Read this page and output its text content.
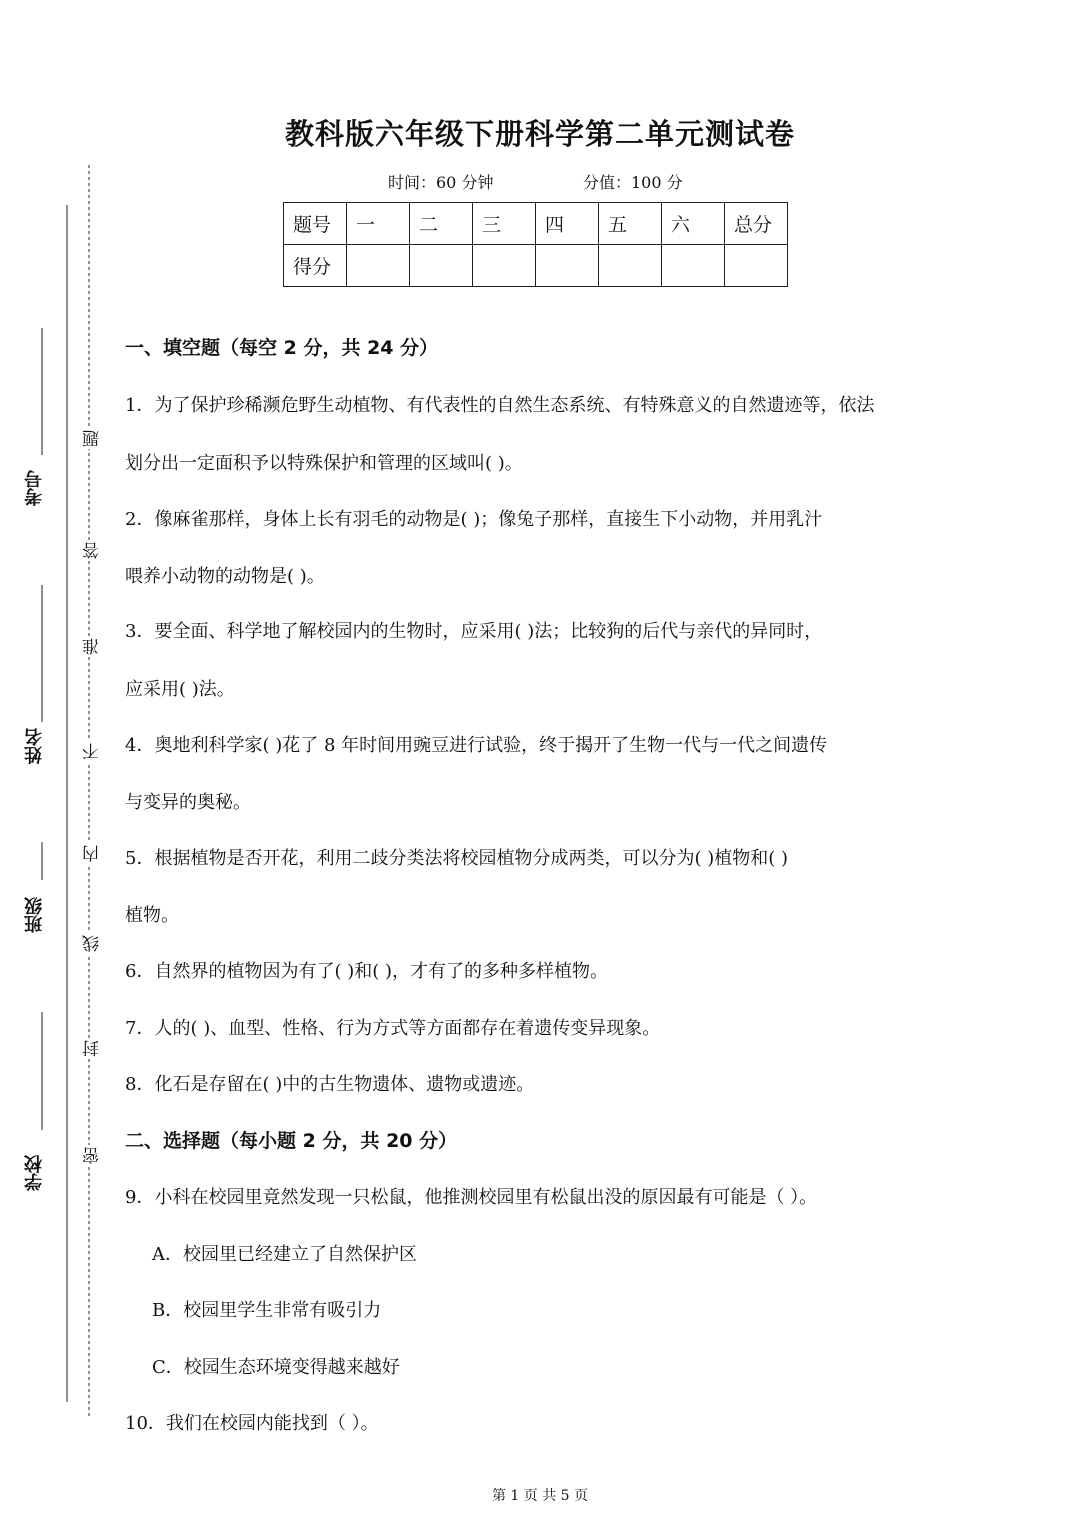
考号
姓名
班级
学校
题
答
准
不
内
线
封
密
教科版六年级下册科学第二单元测试卷
时间：60 分钟	分值：100 分
题号	一	二	三	四	五	六	总分
得分							
一、填空题（每空 2 分，共 24 分）
1．为了保护珍稀濒危野生动植物、有代表性的自然生态系统、有特殊意义的自然遗迹等，依法
划分出一定面积予以特殊保护和管理的区域叫( )。
2．像麻雀那样，身体上长有羽毛的动物是( )；像兔子那样，直接生下小动物，并用乳汁
喂养小动物的动物是( )。
3．要全面、科学地了解校园内的生物时，应采用( )法；比较狗的后代与亲代的异同时，
应采用( )法。
4．奥地利科学家( )花了 8 年时间用豌豆进行试验，终于揭开了生物一代与一代之间遗传
与变异的奥秘。
5．根据植物是否开花，利用二歧分类法将校园植物分成两类，可以分为( )植物和( )
植物。
6．自然界的植物因为有了( )和( )，才有了的多种多样植物。
7．人的( )、血型、性格、行为方式等方面都存在着遗传变异现象。
8．化石是存留在( )中的古生物遗体、遗物或遗迹。
二、选择题（每小题 2 分，共 20 分）
9．小科在校园里竟然发现一只松鼠，他推测校园里有松鼠出没的原因最有可能是（ ）。
A．校园里已经建立了自然保护区
B．校园里学生非常有吸引力
C．校园生态环境变得越来越好
10．我们在校园内能找到（ ）。
第 1 页 共 5 页
